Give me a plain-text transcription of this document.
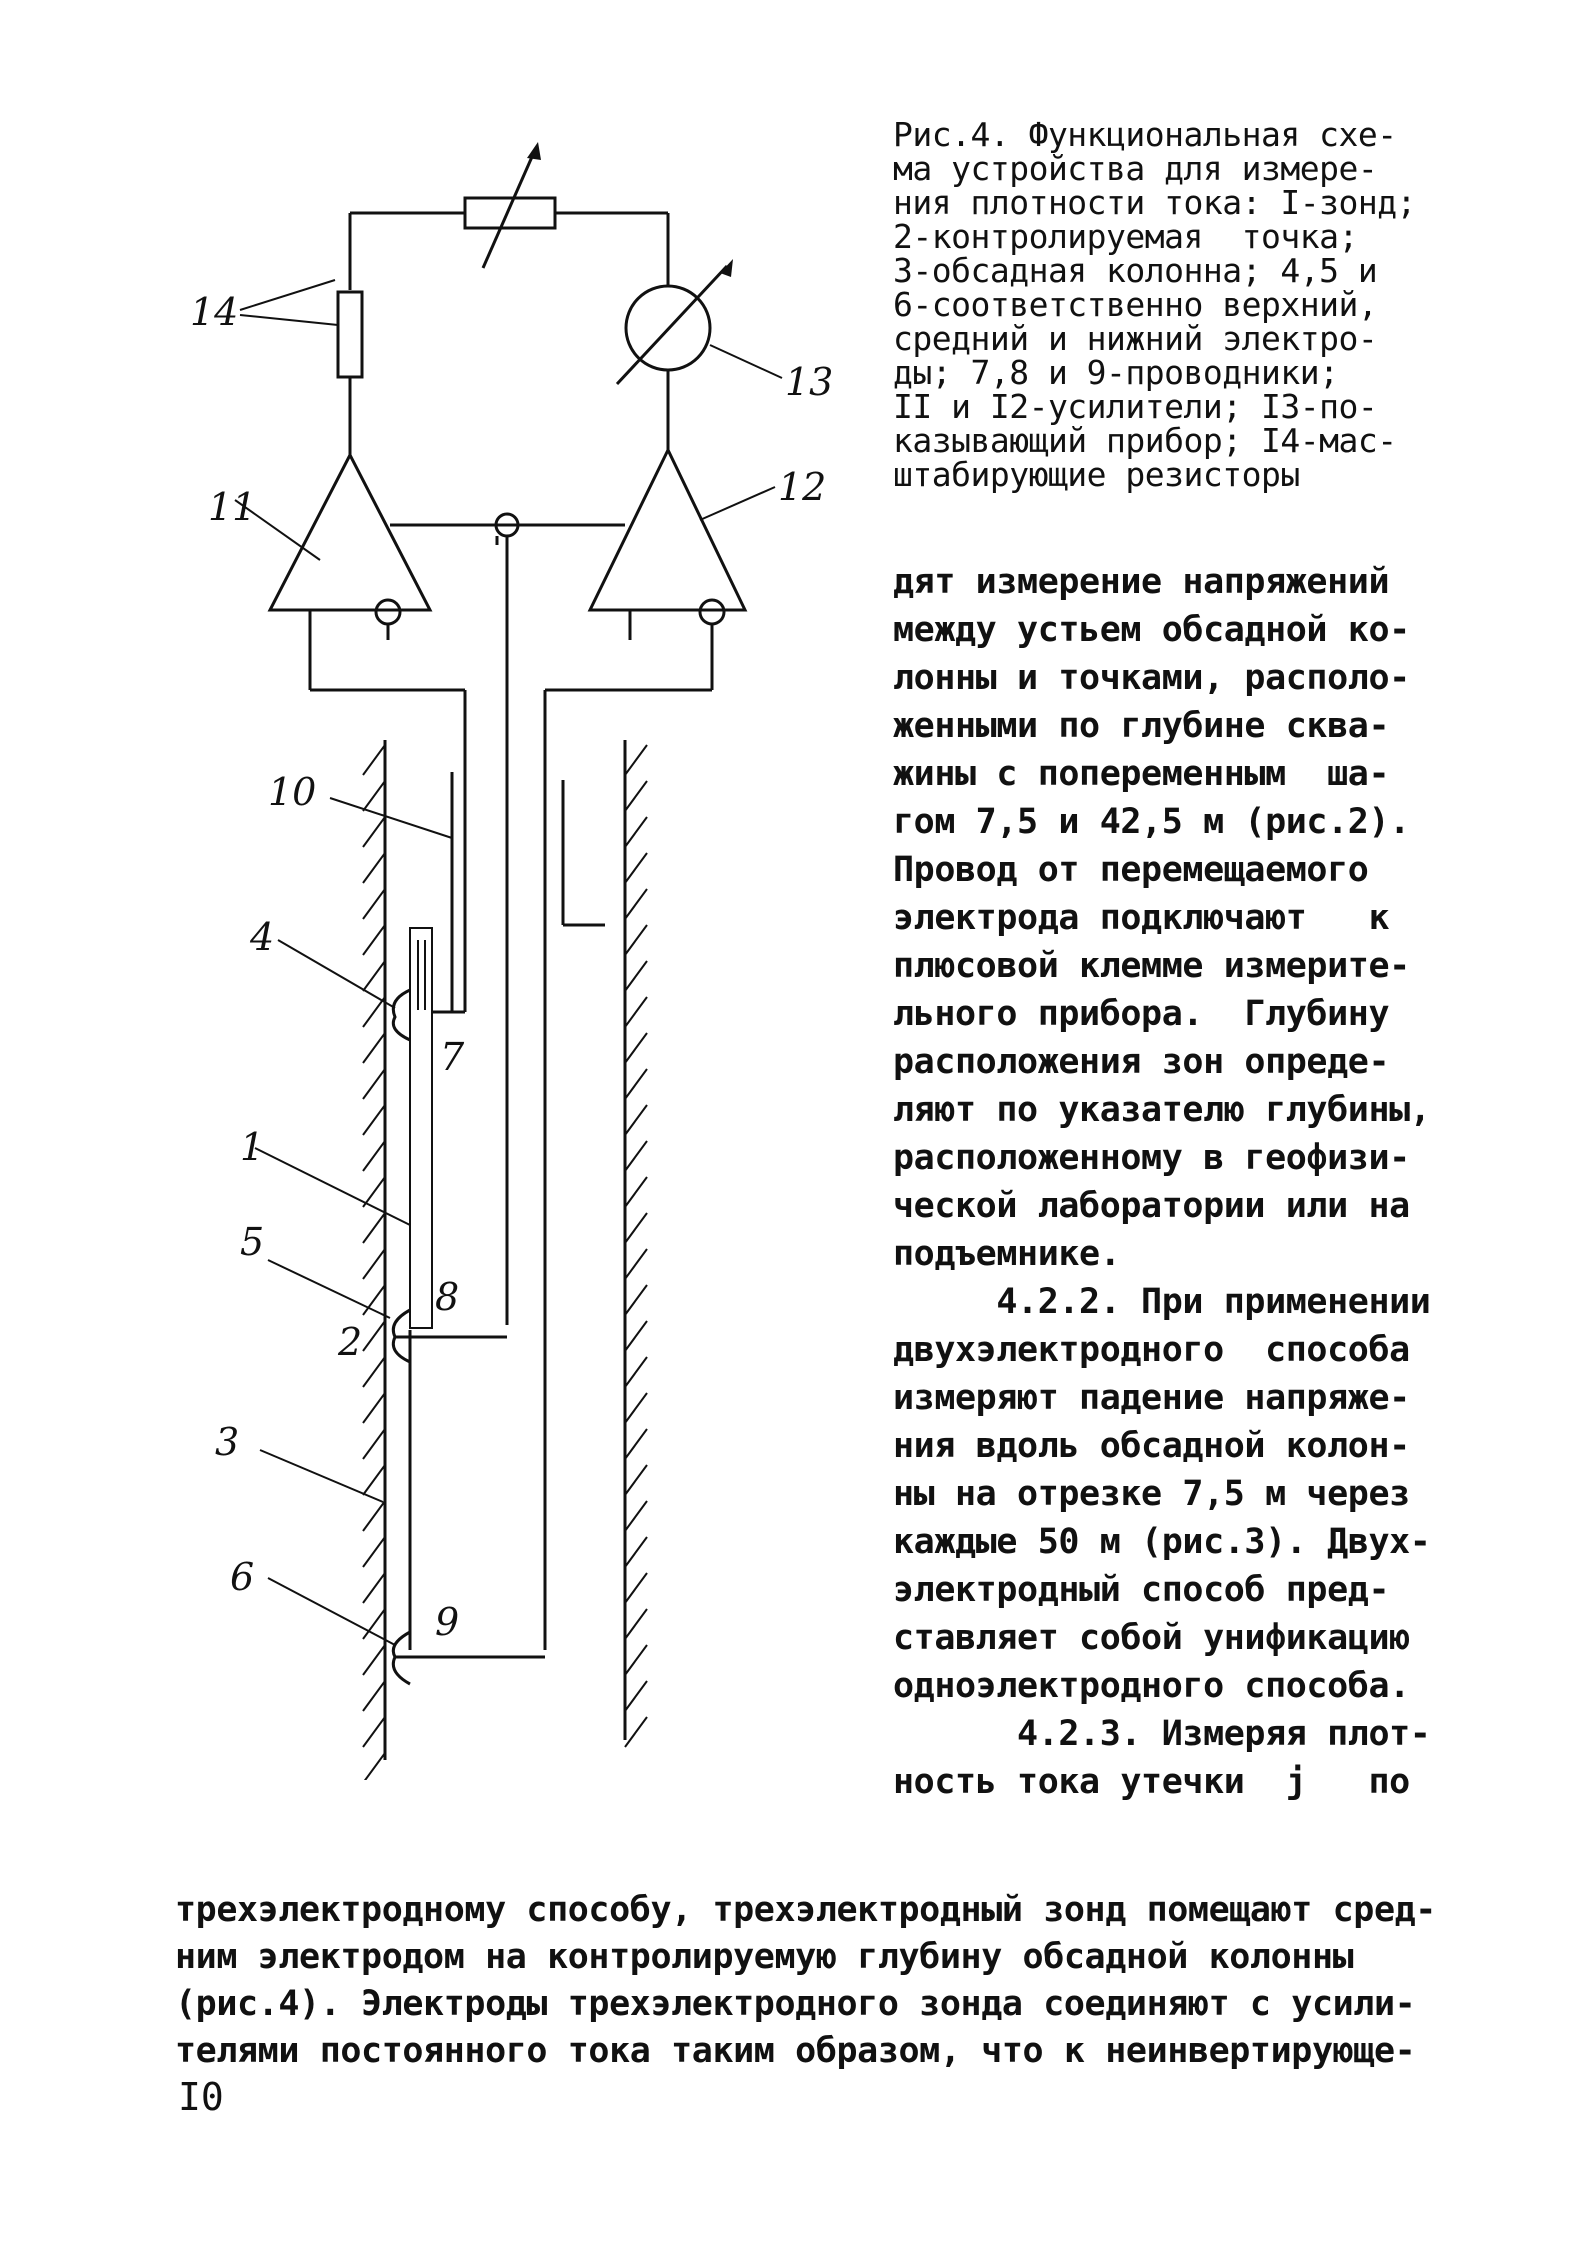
14
13
11	12
10
4
7
1
5
8
2
3
6
9
Рис.4. Функциональная схе-
ма устройства для измере-
ния плотности тока: I-зонд;
2-контролируемая  точка;
3-обсадная колонна; 4,5 и
6-соответственно верхний,
средний и нижний электро-
ды; 7,8 и 9-проводники;
II и I2-усилители; I3-по-
казывающий прибор; I4-мас-
штабирующие резисторы

дят измерение напряжений

между устьем обсадной ко-

лонны и точками, располо-

женными по глубине сква-

жины с попеременным  ша-

гом 7,5 и 42,5 м (рис.2).

Провод от перемещаемого

электрода подключают   к

плюсовой клемме измерите-

льного прибора.  Глубину

расположения зон опреде-

ляют по указателю глубины,

расположенному в геофизи-

ческой лаборатории или на

подъемнике.

4.2.2. При применении

двухэлектродного  способа

измеряют падение напряже-

ния вдоль обсадной колон-

ны на отрезке 7,5 м через

каждые 50 м (рис.3). Двух-

электродный способ пред-

ставляет собой унификацию

одноэлектродного способа.

4.2.3. Измеряя плот-

ность тока утечки  j   по

трехэлектродному способу, трехэлектродный зонд помещают сред-

ним электродом на контролируемую глубину обсадной колонны

(рис.4). Электроды трехэлектродного зонда соединяют с усили-

телями постоянного тока таким образом, что к неинвертирующе-

I0
